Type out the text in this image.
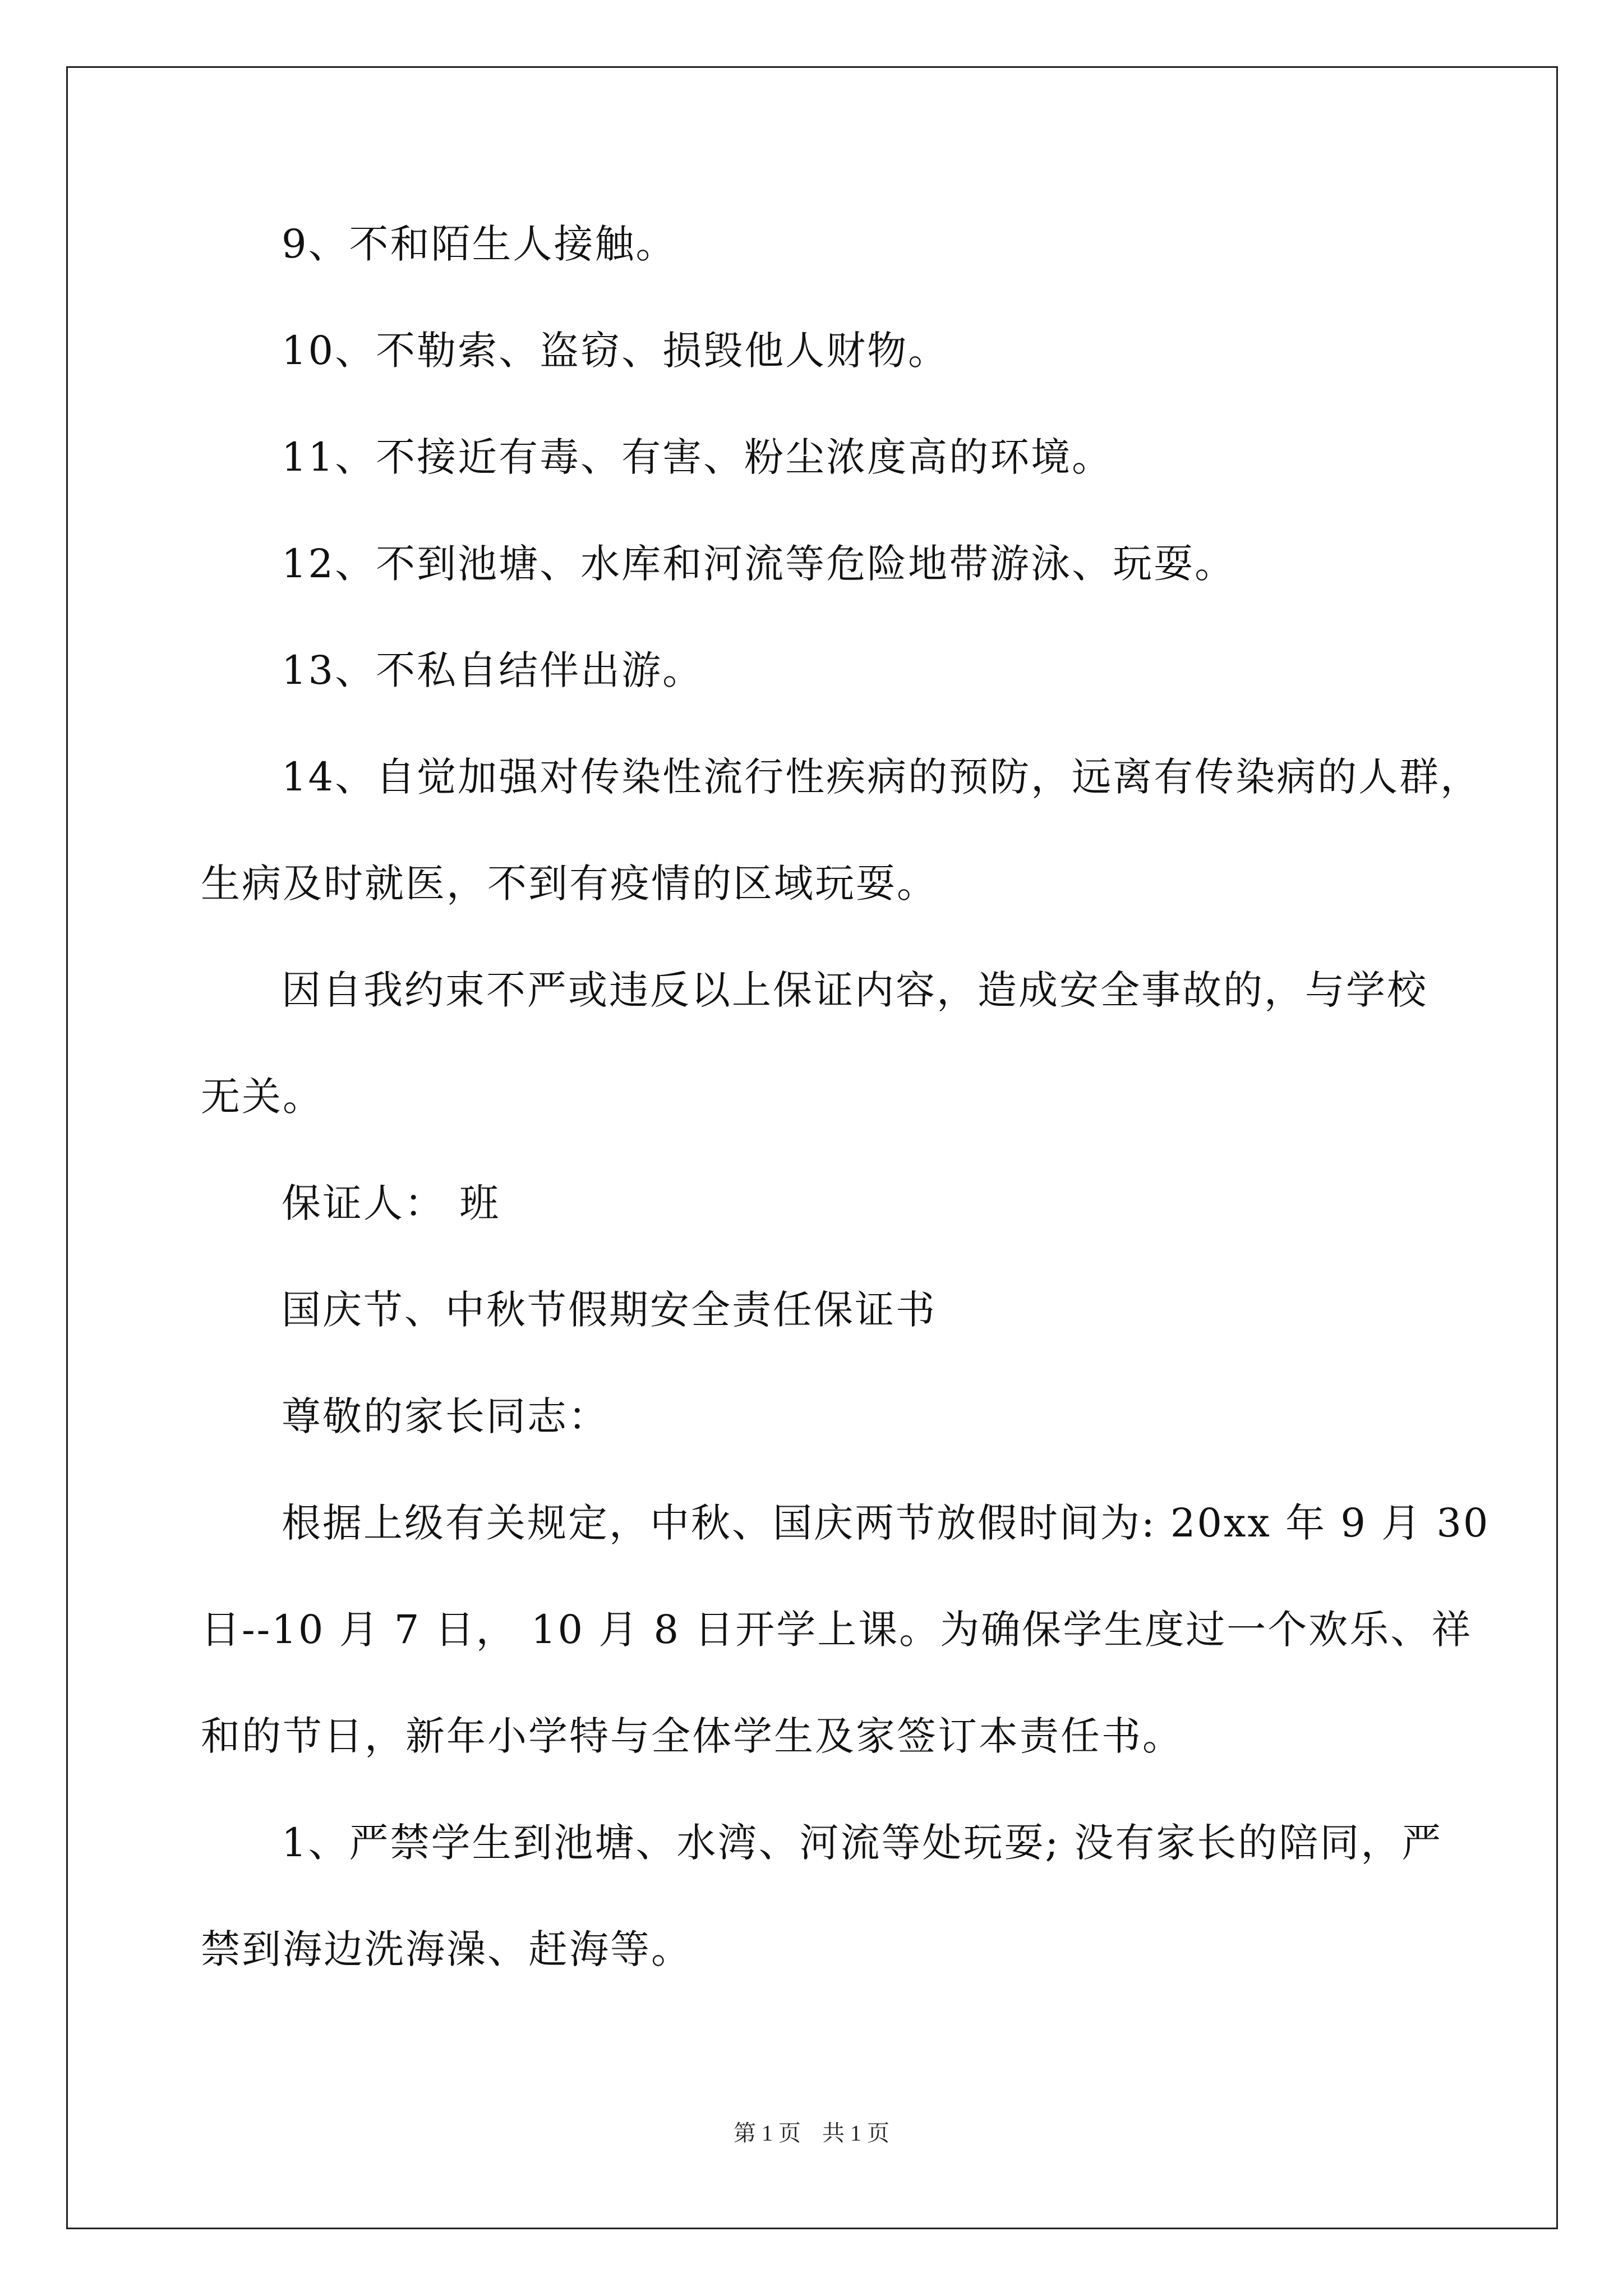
9、不和陌生人接触。
10、不勒索、盗窃、损毁他人财物。
11、不接近有毒、有害、粉尘浓度高的环境。
12、不到池塘、水库和河流等危险地带游泳、玩耍。
13、不私自结伴出游。
14、自觉加强对传染性流行性疾病的预防，远离有传染病的人群，
生病及时就医，不到有疫情的区域玩耍。
因自我约束不严或违反以上保证内容，造成安全事故的，与学校
无关。
保证人： 班
国庆节、中秋节假期安全责任保证书
尊敬的家长同志：
根据上级有关规定，中秋、国庆两节放假时间为: 20xx 年 9 月 30
日--10 月 7 日， 10 月 8 日开学上课。为确保学生度过一个欢乐、祥
和的节日，新年小学特与全体学生及家签订本责任书。
1、严禁学生到池塘、水湾、河流等处玩耍; 没有家长的陪同，严
禁到海边洗海澡、赶海等。
第 1 页 共 1 页
